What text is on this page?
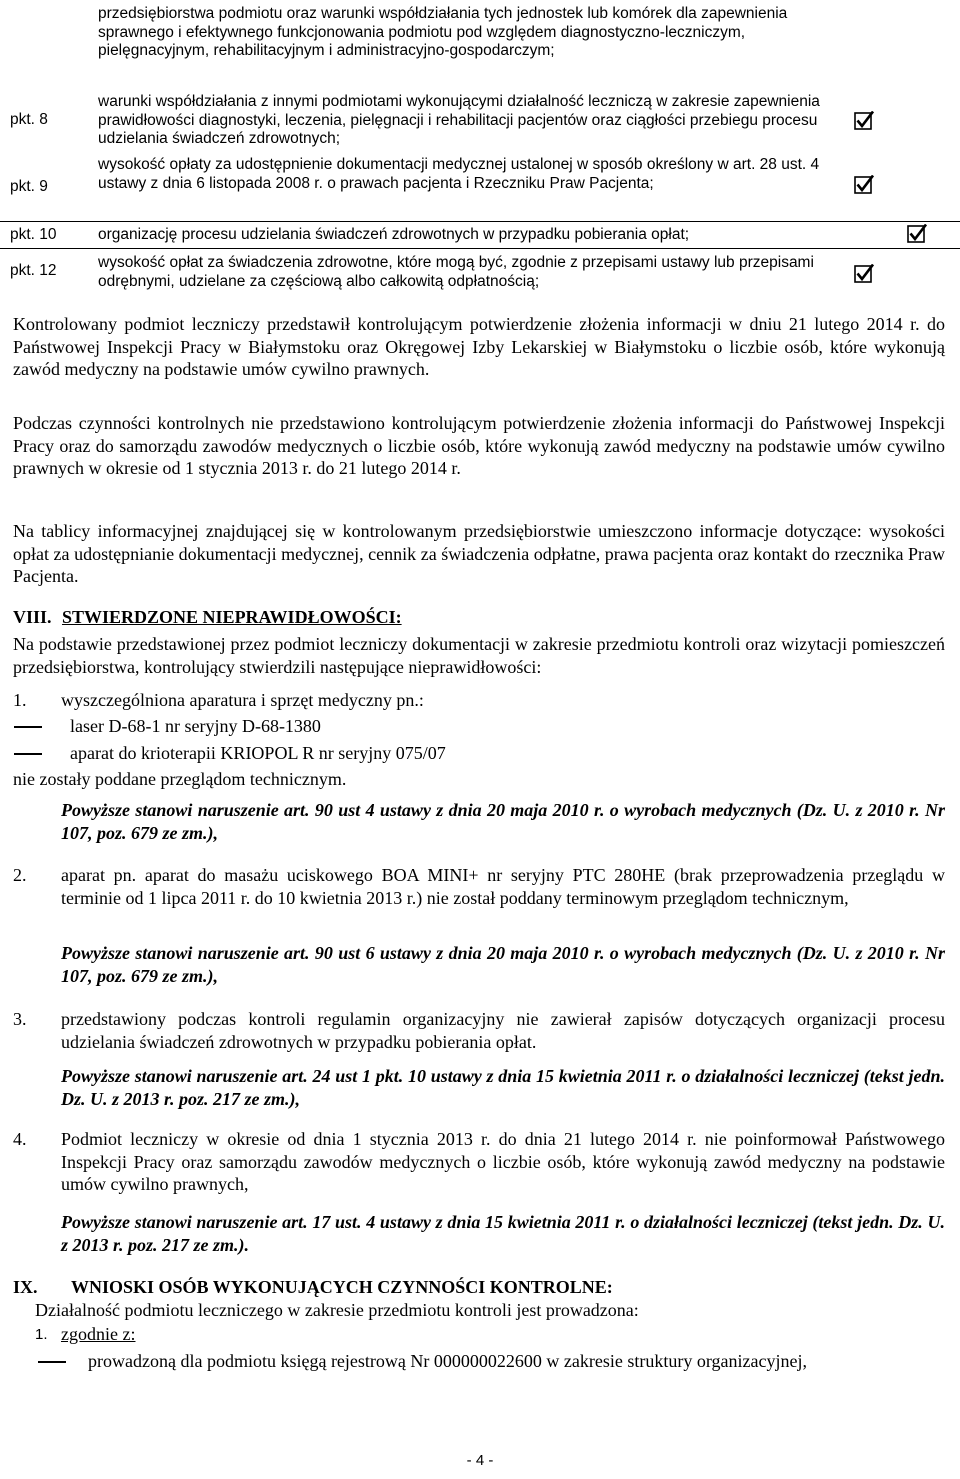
przedsiębiorstwa podmiotu oraz warunki współdziałania tych jednostek lub komórek dla zapewnienia sprawnego i efektywnego funkcjonowania podmiotu pod względem diagnostyczno-leczniczym, pielęgnacyjnym, rehabilitacyjnym i administracyjno-gospodarczym;
pkt. 8
warunki współdziałania z innymi podmiotami wykonującymi działalność leczniczą w zakresie zapewnienia prawidłowości diagnostyki, leczenia, pielęgnacji i rehabilitacji pacjentów oraz ciągłości przebiegu procesu udzielania świadczeń zdrowotnych;
pkt. 9
wysokość opłaty za udostępnienie dokumentacji medycznej ustalonej w sposób określony w art. 28 ust. 4 ustawy z dnia 6 listopada 2008 r. o prawach pacjenta i Rzeczniku Praw Pacjenta;
pkt. 10	organizację procesu udzielania świadczeń zdrowotnych w przypadku pobierania opłat;
pkt. 12	wysokość opłat za świadczenia zdrowotne, które mogą być, zgodnie z przepisami ustawy lub przepisami odrębnymi, udzielane za częściową albo całkowitą odpłatnością;

Kontrolowany podmiot leczniczy przedstawił kontrolującym potwierdzenie złożenia informacji w dniu 21 lutego 2014 r. do Państwowej Inspekcji Pracy w Białymstoku oraz Okręgowej Izby Lekarskiej w Białymstoku o liczbie osób, które wykonują zawód medyczny na podstawie umów cywilno prawnych.

Podczas czynności kontrolnych nie przedstawiono kontrolującym potwierdzenie złożenia informacji do Państwowej Inspekcji Pracy oraz do samorządu zawodów medycznych o liczbie osób, które wykonują zawód medyczny na podstawie umów cywilno prawnych w okresie od 1 stycznia 2013 r. do 21 lutego 2014 r.

Na tablicy informacyjnej znajdującej się w kontrolowanym przedsiębiorstwie umieszczono informacje dotyczące: wysokości opłat za udostępnianie dokumentacji medycznej, cennik za świadczenia odpłatne, prawa pacjenta oraz kontakt do rzecznika Praw Pacjenta.

VIII. STWIERDZONE NIEPRAWIDŁOWOŚCI:

Na podstawie przedstawionej przez podmiot leczniczy dokumentacji w zakresie przedmiotu kontroli oraz wizytacji pomieszczeń przedsiębiorstwa, kontrolujący stwierdzili następujące nieprawidłowości:

1. wyszczególniona aparatura i sprzęt medyczny pn.:

laser D-68-1 nr seryjny D-68-1380
aparat do krioterapii KRIOPOL R nr seryjny 075/07

nie zostały poddane przeglądom technicznym.

Powyższe stanowi naruszenie art. 90 ust 4 ustawy z dnia 20 maja 2010 r. o wyrobach medycznych (Dz. U. z 2010 r. Nr 107, poz. 679 ze zm.),

2. aparat pn. aparat do masażu uciskowego BOA MINI+ nr seryjny PTC 280HE (brak przeprowadzenia przeglądu w terminie od 1 lipca 2011 r. do 10 kwietnia 2013 r.) nie został poddany terminowym przeglądom technicznym,

Powyższe stanowi naruszenie art. 90 ust 6 ustawy z dnia 20 maja 2010 r. o wyrobach medycznych (Dz. U. z 2010 r. Nr 107, poz. 679 ze zm.),

3. przedstawiony podczas kontroli regulamin organizacyjny nie zawierał zapisów dotyczących organizacji procesu udzielania świadczeń zdrowotnych w przypadku pobierania opłat.

Powyższe stanowi naruszenie art. 24 ust 1 pkt. 10 ustawy z dnia 15 kwietnia 2011 r. o działalności leczniczej (tekst jedn. Dz. U. z 2013 r. poz. 217 ze zm.),

4. Podmiot leczniczy w okresie od dnia 1 stycznia 2013 r. do dnia 21 lutego 2014 r. nie poinformował Państwowego Inspekcji Pracy oraz samorządu zawodów medycznych o liczbie osób, które wykonują zawód medyczny na podstawie umów cywilno prawnych,

Powyższe stanowi naruszenie art. 17 ust. 4 ustawy z dnia 15 kwietnia 2011 r. o działalności leczniczej (tekst jedn. Dz. U. z 2013 r. poz. 217 ze zm.).

IX. WNIOSKI OSÓB WYKONUJĄCYCH CZYNNOŚCI KONTROLNE:

Działalność podmiotu leczniczego w zakresie przedmiotu kontroli jest prowadzona:

1. zgodnie z:

prowadzoną dla podmiotu księgą rejestrową Nr 000000022600 w zakresie struktury organizacyjnej,

- 4 -
